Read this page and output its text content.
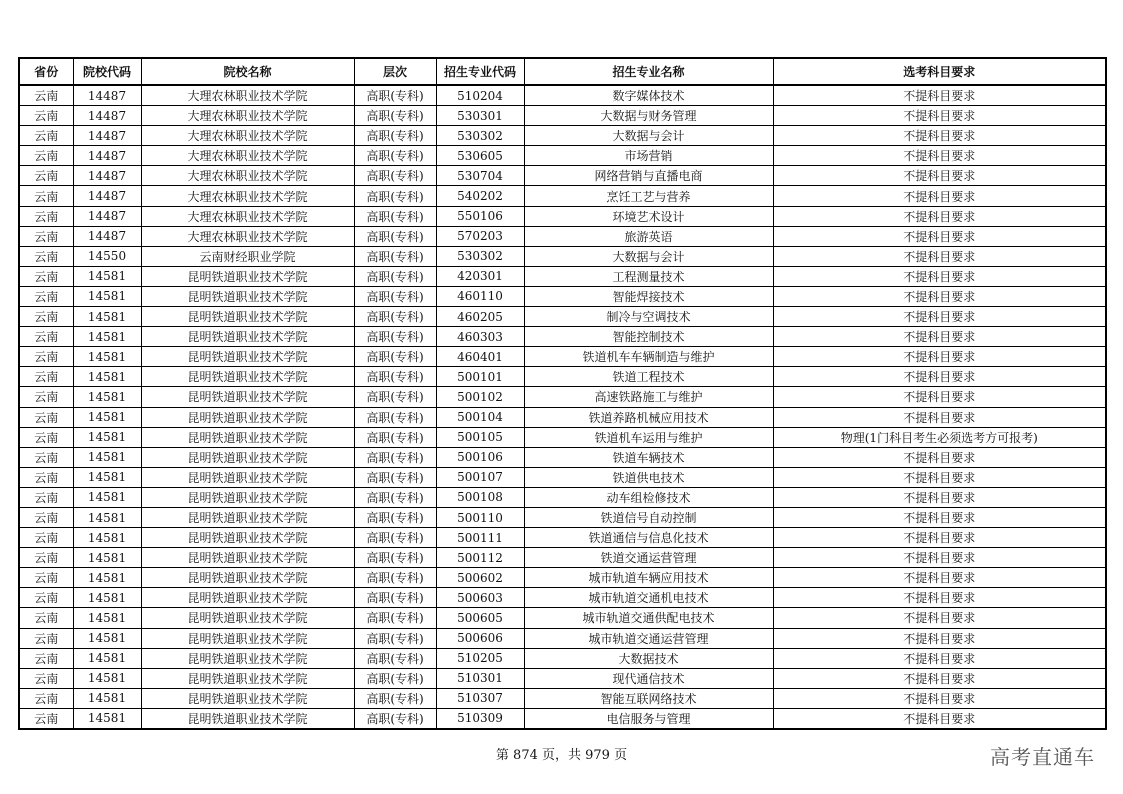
省份	院校代码	院校名称	层次	招生专业代码	招生专业名称	选考科目要求
云南	14487	大理农林职业技术学院	高职(专科)	510204	数字媒体技术	不提科目要求
云南	14487	大理农林职业技术学院	高职(专科)	530301	大数据与财务管理	不提科目要求
云南	14487	大理农林职业技术学院	高职(专科)	530302	大数据与会计	不提科目要求
云南	14487	大理农林职业技术学院	高职(专科)	530605	市场营销	不提科目要求
云南	14487	大理农林职业技术学院	高职(专科)	530704	网络营销与直播电商	不提科目要求
云南	14487	大理农林职业技术学院	高职(专科)	540202	烹饪工艺与营养	不提科目要求
云南	14487	大理农林职业技术学院	高职(专科)	550106	环境艺术设计	不提科目要求
云南	14487	大理农林职业技术学院	高职(专科)	570203	旅游英语	不提科目要求
云南	14550	云南财经职业学院	高职(专科)	530302	大数据与会计	不提科目要求
云南	14581	昆明铁道职业技术学院	高职(专科)	420301	工程测量技术	不提科目要求
云南	14581	昆明铁道职业技术学院	高职(专科)	460110	智能焊接技术	不提科目要求
云南	14581	昆明铁道职业技术学院	高职(专科)	460205	制冷与空调技术	不提科目要求
云南	14581	昆明铁道职业技术学院	高职(专科)	460303	智能控制技术	不提科目要求
云南	14581	昆明铁道职业技术学院	高职(专科)	460401	铁道机车车辆制造与维护	不提科目要求
云南	14581	昆明铁道职业技术学院	高职(专科)	500101	铁道工程技术	不提科目要求
云南	14581	昆明铁道职业技术学院	高职(专科)	500102	高速铁路施工与维护	不提科目要求
云南	14581	昆明铁道职业技术学院	高职(专科)	500104	铁道养路机械应用技术	不提科目要求
云南	14581	昆明铁道职业技术学院	高职(专科)	500105	铁道机车运用与维护	物理(1门科目考生必须选考方可报考)
云南	14581	昆明铁道职业技术学院	高职(专科)	500106	铁道车辆技术	不提科目要求
云南	14581	昆明铁道职业技术学院	高职(专科)	500107	铁道供电技术	不提科目要求
云南	14581	昆明铁道职业技术学院	高职(专科)	500108	动车组检修技术	不提科目要求
云南	14581	昆明铁道职业技术学院	高职(专科)	500110	铁道信号自动控制	不提科目要求
云南	14581	昆明铁道职业技术学院	高职(专科)	500111	铁道通信与信息化技术	不提科目要求
云南	14581	昆明铁道职业技术学院	高职(专科)	500112	铁道交通运营管理	不提科目要求
云南	14581	昆明铁道职业技术学院	高职(专科)	500602	城市轨道车辆应用技术	不提科目要求
云南	14581	昆明铁道职业技术学院	高职(专科)	500603	城市轨道交通机电技术	不提科目要求
云南	14581	昆明铁道职业技术学院	高职(专科)	500605	城市轨道交通供配电技术	不提科目要求
云南	14581	昆明铁道职业技术学院	高职(专科)	500606	城市轨道交通运营管理	不提科目要求
云南	14581	昆明铁道职业技术学院	高职(专科)	510205	大数据技术	不提科目要求
云南	14581	昆明铁道职业技术学院	高职(专科)	510301	现代通信技术	不提科目要求
云南	14581	昆明铁道职业技术学院	高职(专科)	510307	智能互联网络技术	不提科目要求
云南	14581	昆明铁道职业技术学院	高职(专科)	510309	电信服务与管理	不提科目要求
第 874 页，共 979 页	高考直通车
